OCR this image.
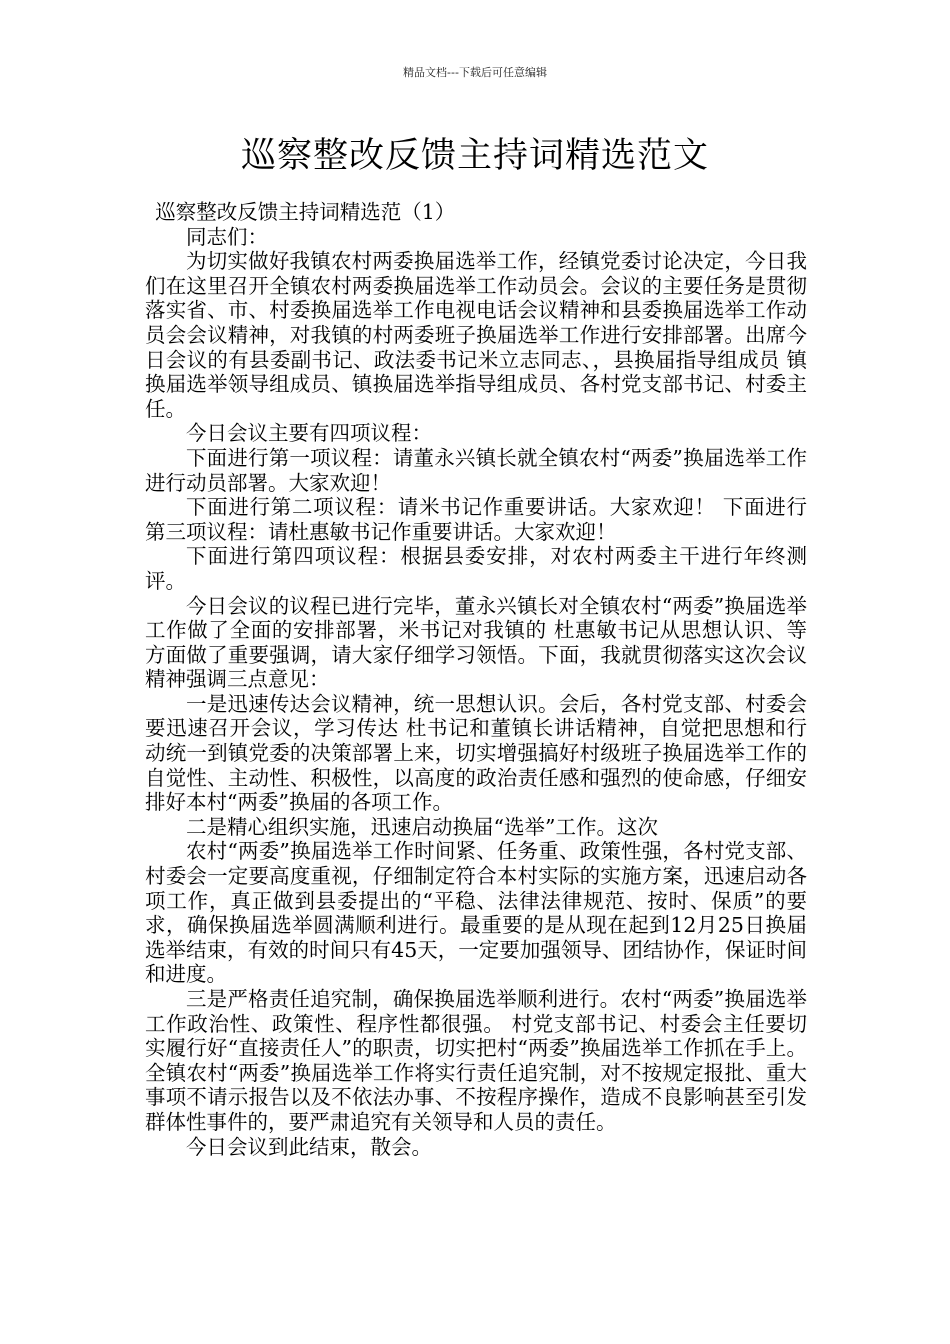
精品文档---下载后可任意编辑
巡察整改反馈主持词精选范文

巡察整改反馈主持词精选范（1）

同志们：

为切实做好我镇农村两委换届选举工作，经镇党委讨论决定，今日我们在这里召开全镇农村两委换届选举工作动员会。会议的主要任务是贯彻落实省、市、村委换届选举工作电视电话会议精神和县委换届选举工作动员会会议精神，对我镇的村两委班子换届选举工作进行安排部署。出席今日会议的有县委副书记、政法委书记米立志同志、，县换届指导组成员 镇换届选举领导组成员、镇换届选举指导组成员、各村党支部书记、村委主任。

今日会议主要有四项议程：

下面进行第一项议程：请董永兴镇长就全镇农村“两委”换届选举工作进行动员部署。大家欢迎！

下面进行第二项议程：请米书记作重要讲话。大家欢迎！ 下面进行第三项议程：请杜惠敏书记作重要讲话。大家欢迎！

下面进行第四项议程：根据县委安排，对农村两委主干进行年终测评。

今日会议的议程已进行完毕，董永兴镇长对全镇农村“两委”换届选举工作做了全面的安排部署，米书记对我镇的 杜惠敏书记从思想认识、等方面做了重要强调，请大家仔细学习领悟。下面，我就贯彻落实这次会议精神强调三点意见：

一是迅速传达会议精神，统一思想认识。会后，各村党支部、村委会要迅速召开会议，学习传达 杜书记和董镇长讲话精神，自觉把思想和行动统一到镇党委的决策部署上来，切实增强搞好村级班子换届选举工作的自觉性、主动性、积极性，以高度的政治责任感和强烈的使命感，仔细安排好本村“两委”换届的各项工作。

二是精心组织实施，迅速启动换届“选举”工作。这次

农村“两委”换届选举工作时间紧、任务重、政策性强，各村党支部、村委会一定要高度重视，仔细制定符合本村实际的实施方案，迅速启动各项工作，真正做到县委提出的“平稳、法律法律规范、按时、保质”的要求，确保换届选举圆满顺利进行。最重要的是从现在起到12月25日换届选举结束，有效的时间只有45天，一定要加强领导、团结协作，保证时间和进度。

三是严格责任追究制，确保换届选举顺利进行。农村“两委”换届选举工作政治性、政策性、程序性都很强。 村党支部书记、村委会主任要切实履行好“直接责任人”的职责，切实把村“两委”换届选举工作抓在手上。全镇农村“两委”换届选举工作将实行责任追究制，对不按规定报批、重大事项不请示报告以及不依法办事、不按程序操作，造成不良影响甚至引发群体性事件的，要严肃追究有关领导和人员的责任。

今日会议到此结束，散会。
